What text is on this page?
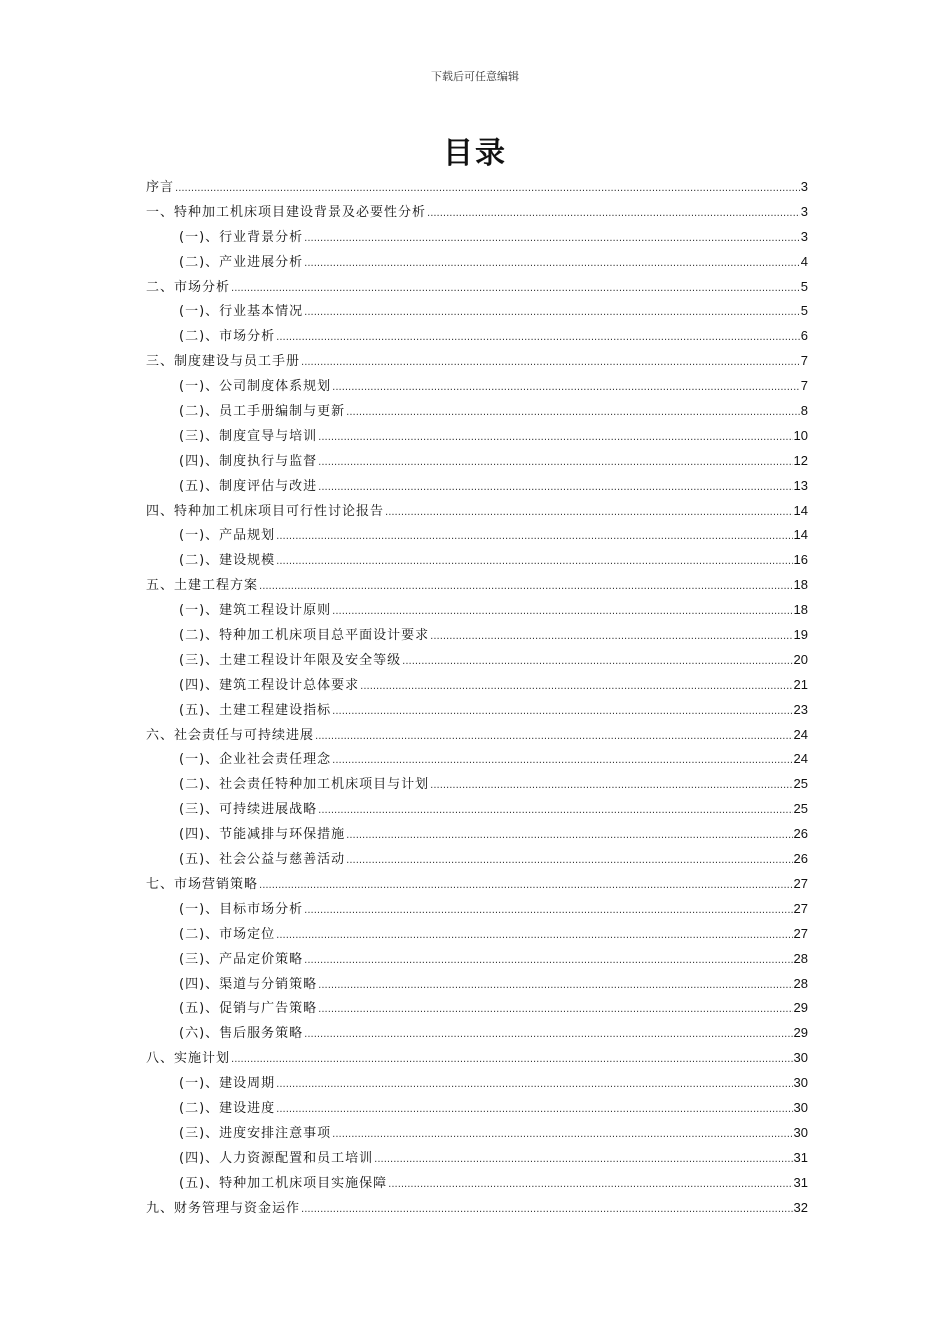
下载后可任意编辑
目录
序言 .....	3
一、特种加工机床项目建设背景及必要性分析 .....	3
(一)、行业背景分析 .....	3
(二)、产业进展分析 .....	4
二、市场分析 .....	5
(一)、行业基本情况 .....	5
(二)、市场分析 .....	6
三、制度建设与员工手册 .....	7
(一)、公司制度体系规划 .....	7
(二)、员工手册编制与更新 .....	8
(三)、制度宣导与培训 .....	10
(四)、制度执行与监督 .....	12
(五)、制度评估与改进 .....	13
四、特种加工机床项目可行性讨论报告 .....	14
(一)、产品规划 .....	14
(二)、建设规模 .....	16
五、土建工程方案 .....	18
(一)、建筑工程设计原则 .....	18
(二)、特种加工机床项目总平面设计要求 .....	19
(三)、土建工程设计年限及安全等级 .....	20
(四)、建筑工程设计总体要求 .....	21
(五)、土建工程建设指标 .....	23
六、社会责任与可持续进展 .....	24
(一)、企业社会责任理念 .....	24
(二)、社会责任特种加工机床项目与计划 .....	25
(三)、可持续进展战略 .....	25
(四)、节能减排与环保措施 .....	26
(五)、社会公益与慈善活动 .....	26
七、市场营销策略 .....	27
(一)、目标市场分析 .....	27
(二)、市场定位 .....	27
(三)、产品定价策略 .....	28
(四)、渠道与分销策略 .....	28
(五)、促销与广告策略 .....	29
(六)、售后服务策略 .....	29
八、实施计划 .....	30
(一)、建设周期 .....	30
(二)、建设进度 .....	30
(三)、进度安排注意事项 .....	30
(四)、人力资源配置和员工培训 .....	31
(五)、特种加工机床项目实施保障 .....	31
九、财务管理与资金运作 .....	32
